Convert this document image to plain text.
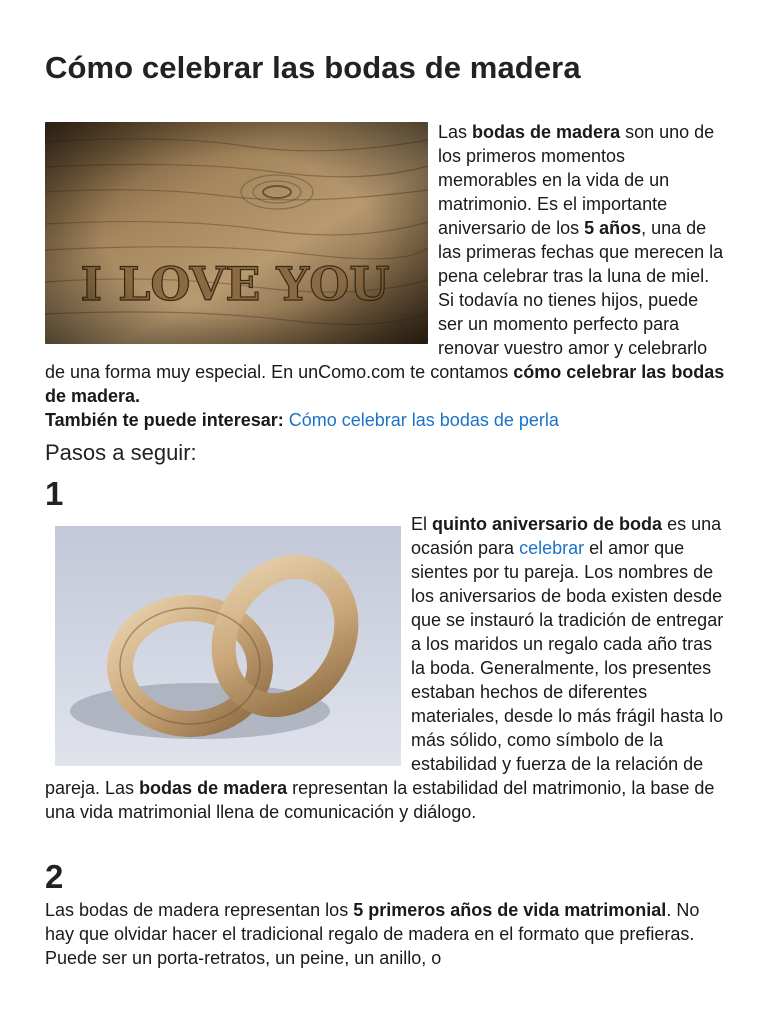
Cómo celebrar las bodas de madera

Las bodas de madera son uno de los primeros momentos memorables en la vida de un matrimonio. Es el importante aniversario de los 5 años, una de las primeras fechas que merecen la pena celebrar tras la luna de miel. Si todavía no tienes hijos, puede ser un momento perfecto para renovar vuestro amor y celebrarlo de una forma muy especial. En unComo.com te contamos cómo celebrar las bodas de madera.
También te puede interesar: Cómo celebrar las bodas de perla

Pasos a seguir:
1

El quinto aniversario de boda es una ocasión para celebrar el amor que sientes por tu pareja. Los nombres de los aniversarios de boda existen desde que se instauró la tradición de entregar a los maridos un regalo cada año tras la boda. Generalmente, los presentes estaban hechos de diferentes materiales, desde lo más frágil hasta lo más sólido, como símbolo de la estabilidad y fuerza de la relación de pareja. Las bodas de madera representan la estabilidad del matrimonio, la base de una vida matrimonial llena de comunicación y diálogo.

2

Las bodas de madera representan los 5 primeros años de vida matrimonial. No hay que olvidar hacer el tradicional regalo de madera en el formato que prefieras. Puede ser un porta-retratos, un peine, un anillo, o
